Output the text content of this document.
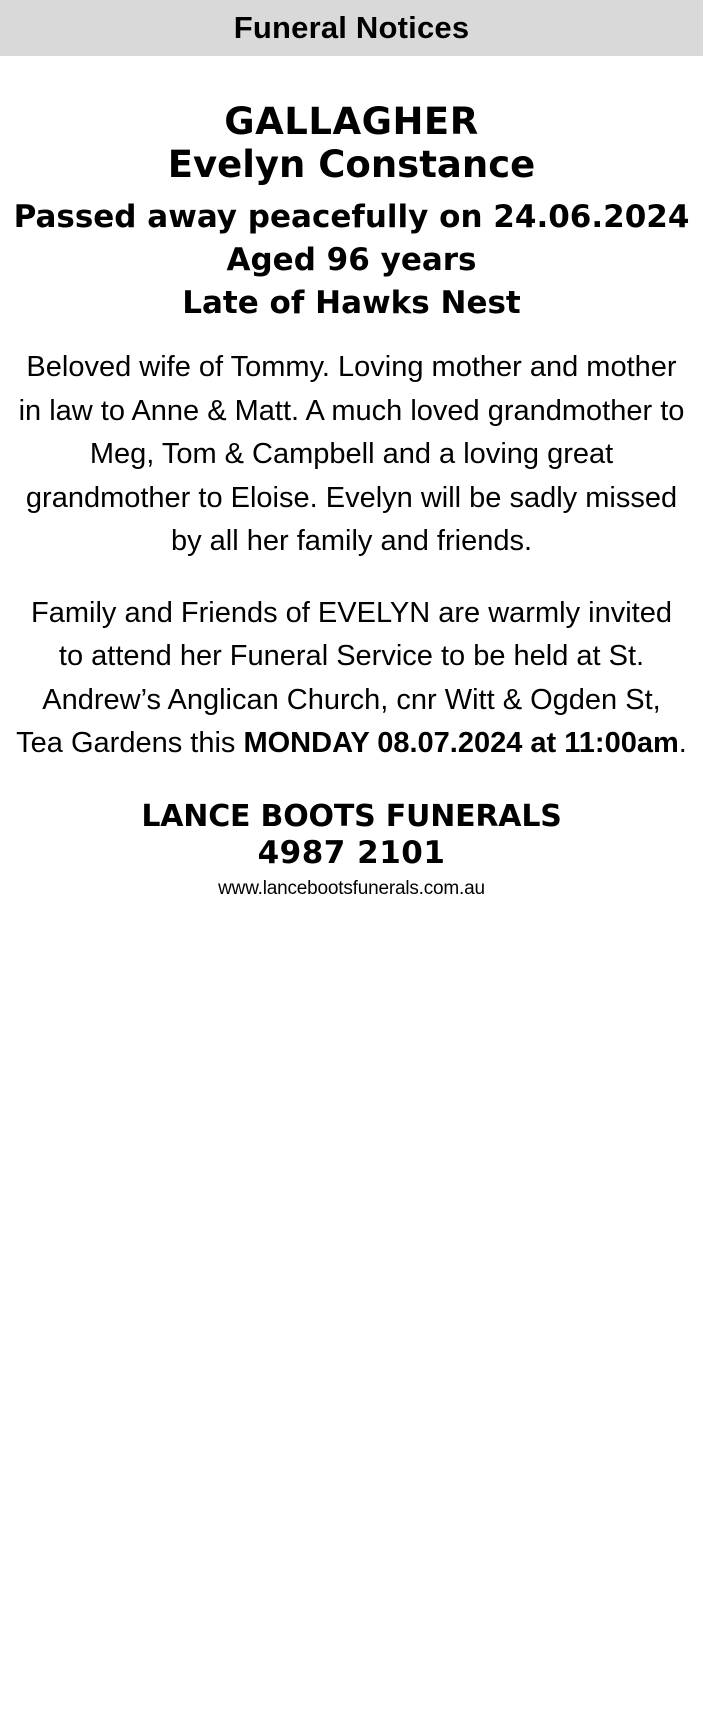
Funeral Notices
GALLAGHER
Evelyn Constance
Passed away peacefully on 24.06.2024
Aged 96 years
Late of Hawks Nest
Beloved wife of Tommy. Loving mother and mother in law to Anne & Matt. A much loved grandmother to Meg, Tom & Campbell and a loving great grandmother to Eloise. Evelyn will be sadly missed by all her family and friends.
Family and Friends of EVELYN are warmly invited to attend her Funeral Service to be held at St. Andrew’s Anglican Church, cnr Witt & Ogden St, Tea Gardens this MONDAY 08.07.2024 at 11:00am.
LANCE BOOTS FUNERALS
4987 2101
www.lancebootsfunerals.com.au
